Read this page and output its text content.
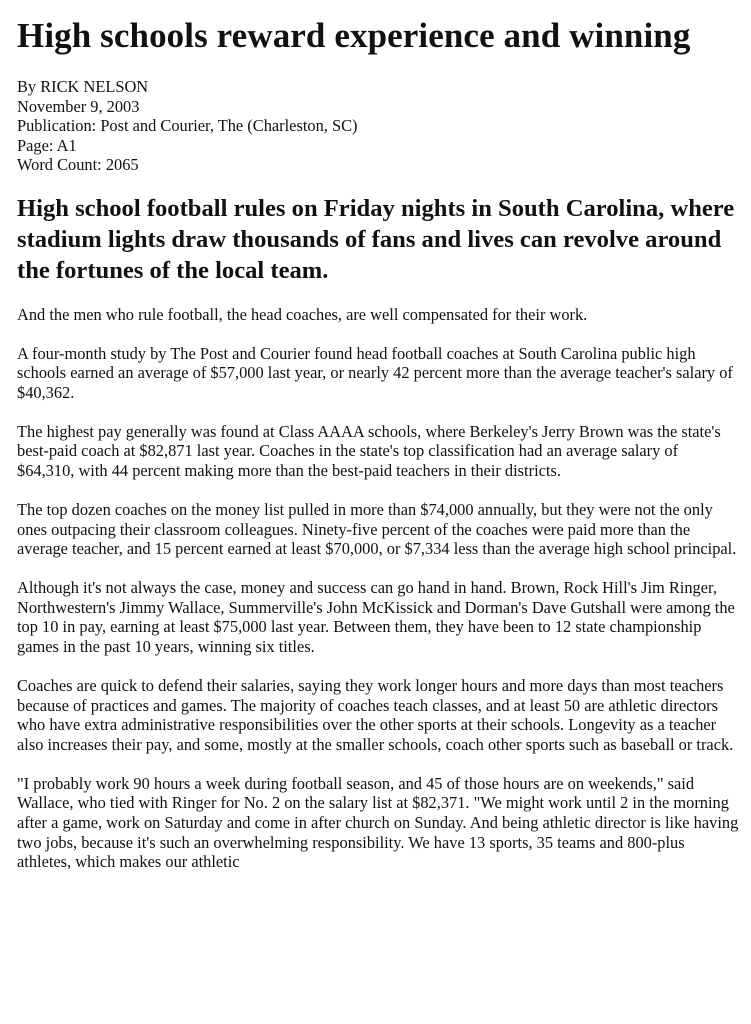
High schools reward experience and winning
By RICK NELSON
November 9, 2003
Publication: Post and Courier, The (Charleston, SC)
Page: A1
Word Count: 2065
High school football rules on Friday nights in South Carolina, where stadium lights draw thousands of fans and lives can revolve around the fortunes of the local team.

And the men who rule football, the head coaches, are well compensated for their work.

A four-month study by The Post and Courier found head football coaches at South Carolina public high schools earned an average of $57,000 last year, or nearly 42 percent more than the average teacher's salary of $40,362.

The highest pay generally was found at Class AAAA schools, where Berkeley's Jerry Brown was the state's best-paid coach at $82,871 last year. Coaches in the state's top classification had an average salary of $64,310, with 44 percent making more than the best-paid teachers in their districts.

The top dozen coaches on the money list pulled in more than $74,000 annually, but they were not the only ones outpacing their classroom colleagues. Ninety-five percent of the coaches were paid more than the average teacher, and 15 percent earned at least $70,000, or $7,334 less than the average high school principal.

Although it's not always the case, money and success can go hand in hand. Brown, Rock Hill's Jim Ringer, Northwestern's Jimmy Wallace, Summerville's John McKissick and Dorman's Dave Gutshall were among the top 10 in pay, earning at least $75,000 last year. Between them, they have been to 12 state championship games in the past 10 years, winning six titles.

Coaches are quick to defend their salaries, saying they work longer hours and more days than most teachers because of practices and games. The majority of coaches teach classes, and at least 50 are athletic directors who have extra administrative responsibilities over the other sports at their schools. Longevity as a teacher also increases their pay, and some, mostly at the smaller schools, coach other sports such as baseball or track.

"I probably work 90 hours a week during football season, and 45 of those hours are on weekends," said Wallace, who tied with Ringer for No. 2 on the salary list at $82,371. "We might work until 2 in the morning after a game, work on Saturday and come in after church on Sunday. And being athletic director is like having two jobs, because it's such an overwhelming responsibility. We have 13 sports, 35 teams and 800-plus athletes, which makes our athletic
